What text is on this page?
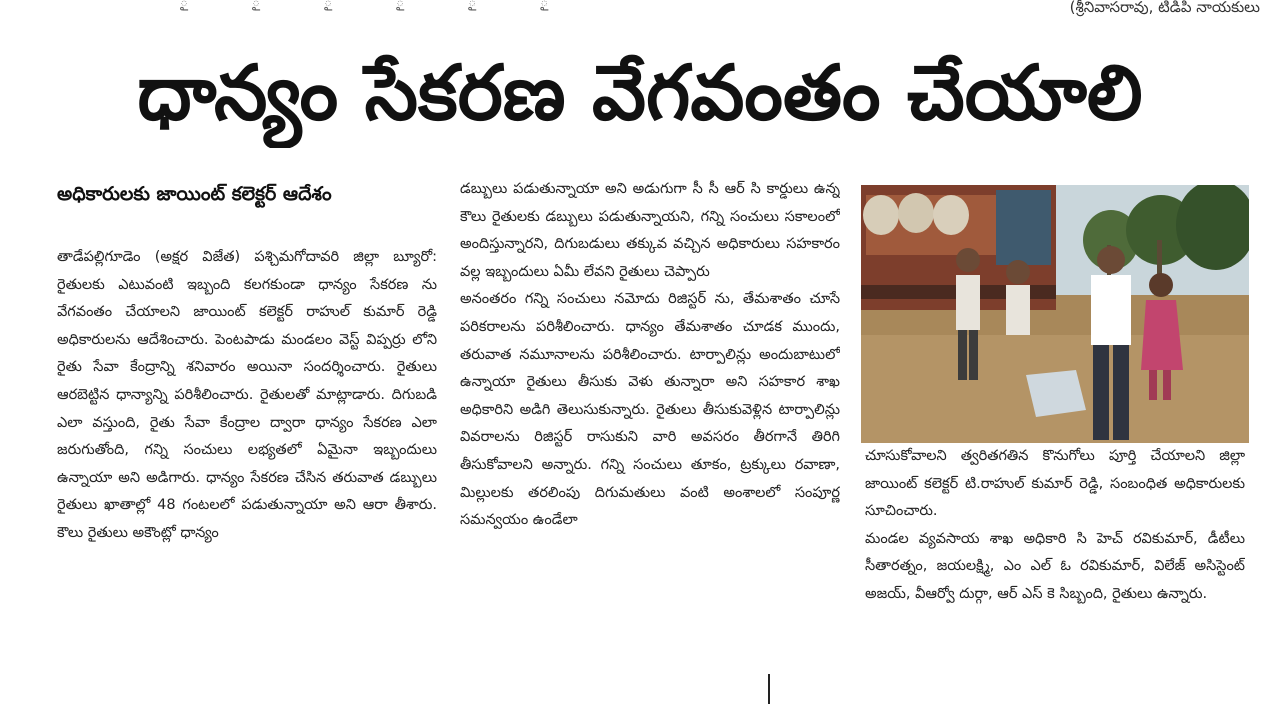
ౖ ౖ ౖ ౖ ౖ ౖ	(శ్రీనివాసరావు, టిడిపి నాయకులు
ధాన్యం సేకరణ వేగవంతం చేయాలి
అధికారులకు జాయింట్ కలెక్టర్ ఆదేశం

తాడేపల్లిగూడెం (అక్షర విజేత) పశ్చిమగోదావరి జిల్లా బ్యూరో: రైతులకు ఎటువంటి ఇబ్బంది కలగకుండా ధాన్యం సేకరణ ను వేగవంతం చేయాలని జాయింట్ కలెక్టర్ రాహుల్ కుమార్ రెడ్డి అధికారులను ఆదేశించారు. పెంటపాడు మండలం వెస్ట్ విప్పర్రు లోని రైతు సేవా కేంద్రాన్ని శనివారం అయినా సందర్శించారు. రైతులు ఆరబెట్టిన ధాన్యాన్ని పరిశీలించారు. రైతులతో మాట్లాడారు. దిగుబడి ఎలా వస్తుంది, రైతు సేవా కేంద్రాల ద్వారా ధాన్యం సేకరణ ఎలా జరుగుతోంది, గన్ని సంచులు లభ్యతలో ఏమైనా ఇబ్బందులు ఉన్నాయా అని అడిగారు. ధాన్యం సేకరణ చేసిన తరువాత డబ్బులు రైతులు ఖాతాల్లో 48 గంటలలో పడుతున్నాయా అని ఆరా తీశారు. కౌలు రైతులు అకౌంట్లో ధాన్యం

డబ్బులు పడుతున్నాయా అని అడుగుగా సీ సీ ఆర్ సి కార్డులు ఉన్న కౌలు రైతులకు డబ్బులు పడుతున్నాయని, గన్ని సంచులు సకాలంలో అందిస్తున్నారని, దిగుబడులు తక్కువ వచ్చిన అధికారులు సహకారం వల్ల ఇబ్బందులు ఏమీ లేవని రైతులు చెప్పారు

అనంతరం గన్ని సంచులు నమోదు రిజిస్టర్ ను, తేమశాతం చూసే పరికరాలను పరిశీలించారు. ధాన్యం తేమశాతం చూడక ముందు, తరువాత నమూనాలను పరిశీలించారు. టార్పాలిన్లు అందుబాటులో ఉన్నాయా రైతులు తీసుకు వెళు తున్నారా అని సహకార శాఖ అధికారిని అడిగి తెలుసుకున్నారు. రైతులు తీసుకువెళ్లిన టార్పాలిన్లు వివరాలను రిజిస్టర్ రాసుకుని వారి అవసరం తీరగానే తిరిగి తీసుకోవాలని అన్నారు. గన్ని సంచులు తూకం, ట్రక్కులు రవాణా, మిల్లులకు తరలింపు దిగుమతులు వంటి అంశాలలో సంపూర్ణ సమన్వయం ఉండేలా

చూసుకోవాలని త్వరితగతిన కొనుగోలు పూర్తి చేయాలని జిల్లా జాయింట్ కలెక్టర్ టి.రాహుల్ కుమార్ రెడ్డి, సంబంధిత అధికారులకు సూచించారు.

మండల వ్యవసాయ శాఖ అధికారి సి హెచ్ రవికుమార్, డీటీలు సీతారత్నం, జయలక్ష్మి, ఎం ఎల్ ఓ రవికుమార్, విలేజ్ అసిస్టెంట్ అజయ్, వీఆర్వో దుర్గా, ఆర్ ఎస్ కె సిబ్బంది, రైతులు ఉన్నారు.
